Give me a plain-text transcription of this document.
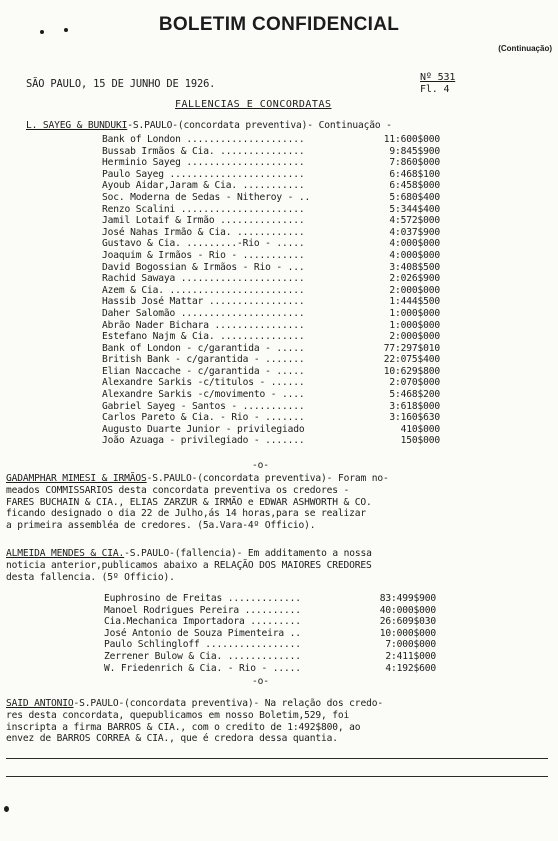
BOLETIM CONFIDENCIAL
(Continuação)
SÃO PAULO, 15 DE JUNHO DE 1926.
Nº 531
Fl. 4
FALLENCIAS E CONCORDATAS
L. SAYEG & BUNDUKI-S.PAULO-(concordata preventiva)- Continuação -
Bank of London .....................	11:600$000
Bussab Irmãos & Cia. ...............	9:845$900
Herminio Sayeg .....................	7:860$000
Paulo Sayeg ........................	6:468$100
Ayoub Aidar,Jaram & Cia. ...........	6:458$000
Soc. Moderna de Sedas - Nitheroy - ..	5:680$400
Renzo Scalini ......................	5:344$400
Jamil Lotaif & Irmão ...............	4:572$000
José Nahas Irmão & Cia. ............	4:037$900
Gustavo & Cia. .........-Rio - .....	4:000$000
Joaquim & Irmãos - Rio - ...........	4:000$000
David Bogossian & Irmãos - Rio - ...	3:408$500
Rachid Sawaya ......................	2:026$900
Azem & Cia. ........................	2:000$000
Hassib José Mattar .................	1:444$500
Daher Salomão ......................	1:000$000
Abrão Nader Bichara ................	1:000$000
Estefano Najm & Cia. ...............	2:000$000
Bank of London - c/garantida - .....	77:297$010
British Bank - c/garantida - .......	22:075$400
Elian Naccache - c/garantida - .....	10:629$800
Alexandre Sarkis -c/titulos - ......	2:070$000
Alexandre Sarkis -c/movimento - ....	5:468$200
Gabriel Sayeg - Santos - ...........	3:618$000
Carlos Pareto & Cia. - Rio - .......	3:160$630
Augusto Duarte Junior - privilegiado	410$000
João Azuaga - privilegiado - .......	150$000
-o-
GADAMPHAR MIMESI & IRMÃOS-S.PAULO-(concordata preventiva)- Foram no-
meados COMMISSARIOS desta concordata preventiva os credores -
FARES BUCHAIN & CIA., ELIAS ZARZUR & IRMÃO e EDWAR ASHWORTH & CO.
ficando designado o dia 22 de Julho,ás 14 horas,para se realizar
a primeira assembléa de credores. (5a.Vara-4º Officio).
ALMEIDA MENDES & CIA.-S.PAULO-(fallencia)- Em additamento a nossa
noticia anterior,publicamos abaixo a RELAÇÃO DOS MAIORES CREDORES
desta fallencia. (5º Officio).
Euphrosino de Freitas .............	83:499$900
Manoel Rodrigues Pereira ..........	40:000$000
Cia.Mechanica Importadora .........	26:609$030
José Antonio de Souza Pimenteira ..	10:000$000
Paulo Schlingloff .................	7:000$000
Zerrener Bulow & Cia. .............	2:411$000
W. Friedenrich & Cia. - Rio - .....	4:192$600
-o-
SAID ANTONIO-S.PAULO-(concordata preventiva)- Na relação dos credo-
res desta concordata, quepublicamos em nosso Boletim,529, foi
inscripta a firma BARROS & CIA., com o credito de 1:492$800, ao
envez de BARROS CORREA & CIA., que é credora dessa quantia.
